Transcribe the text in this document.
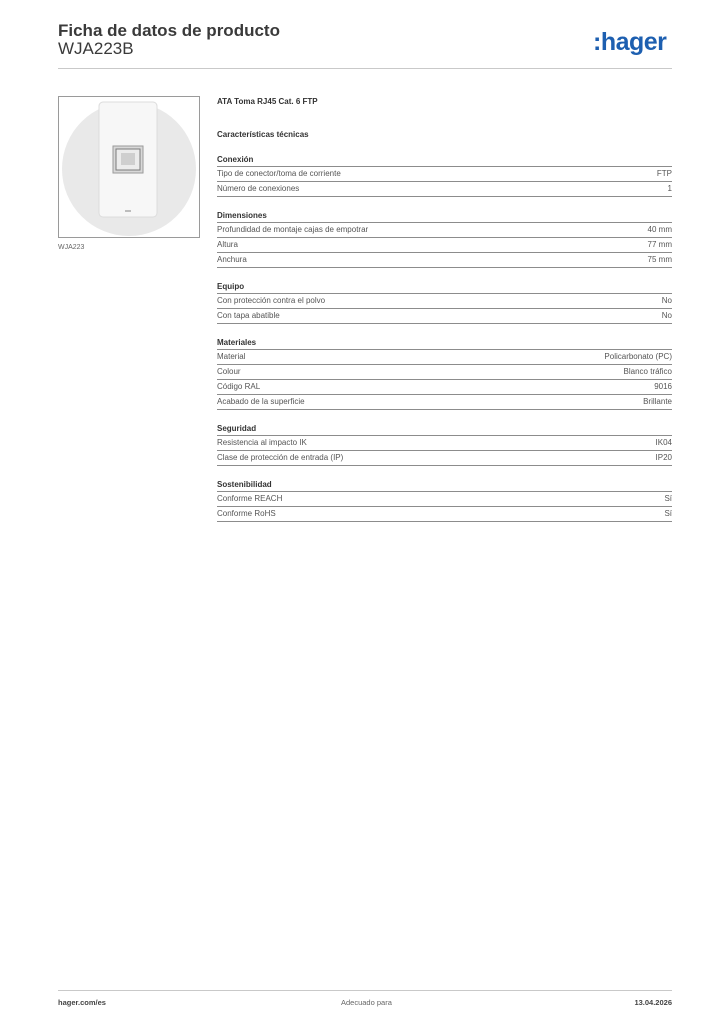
Ficha de datos de producto
WJA223B	:hager
WJA223
ATA Toma RJ45 Cat. 6 FTP
Características técnicas
Conexión
Tipo de conector/toma de corriente	FTP
Número de conexiones	1
Dimensiones
Profundidad de montaje cajas de empotrar	40 mm
Altura	77 mm
Anchura	75 mm
Equipo
Con protección contra el polvo	No
Con tapa abatible	No
Materiales
Material	Policarbonato (PC)
Colour	Blanco tráfico
Código RAL	9016
Acabado de la superficie	Brillante
Seguridad
Resistencia al impacto IK	IK04
Clase de protección de entrada (IP)	IP20
Sostenibilidad
Conforme REACH	Sí
Conforme RoHS	Sí
hager.com/es	Adecuado para	13.04.2026
